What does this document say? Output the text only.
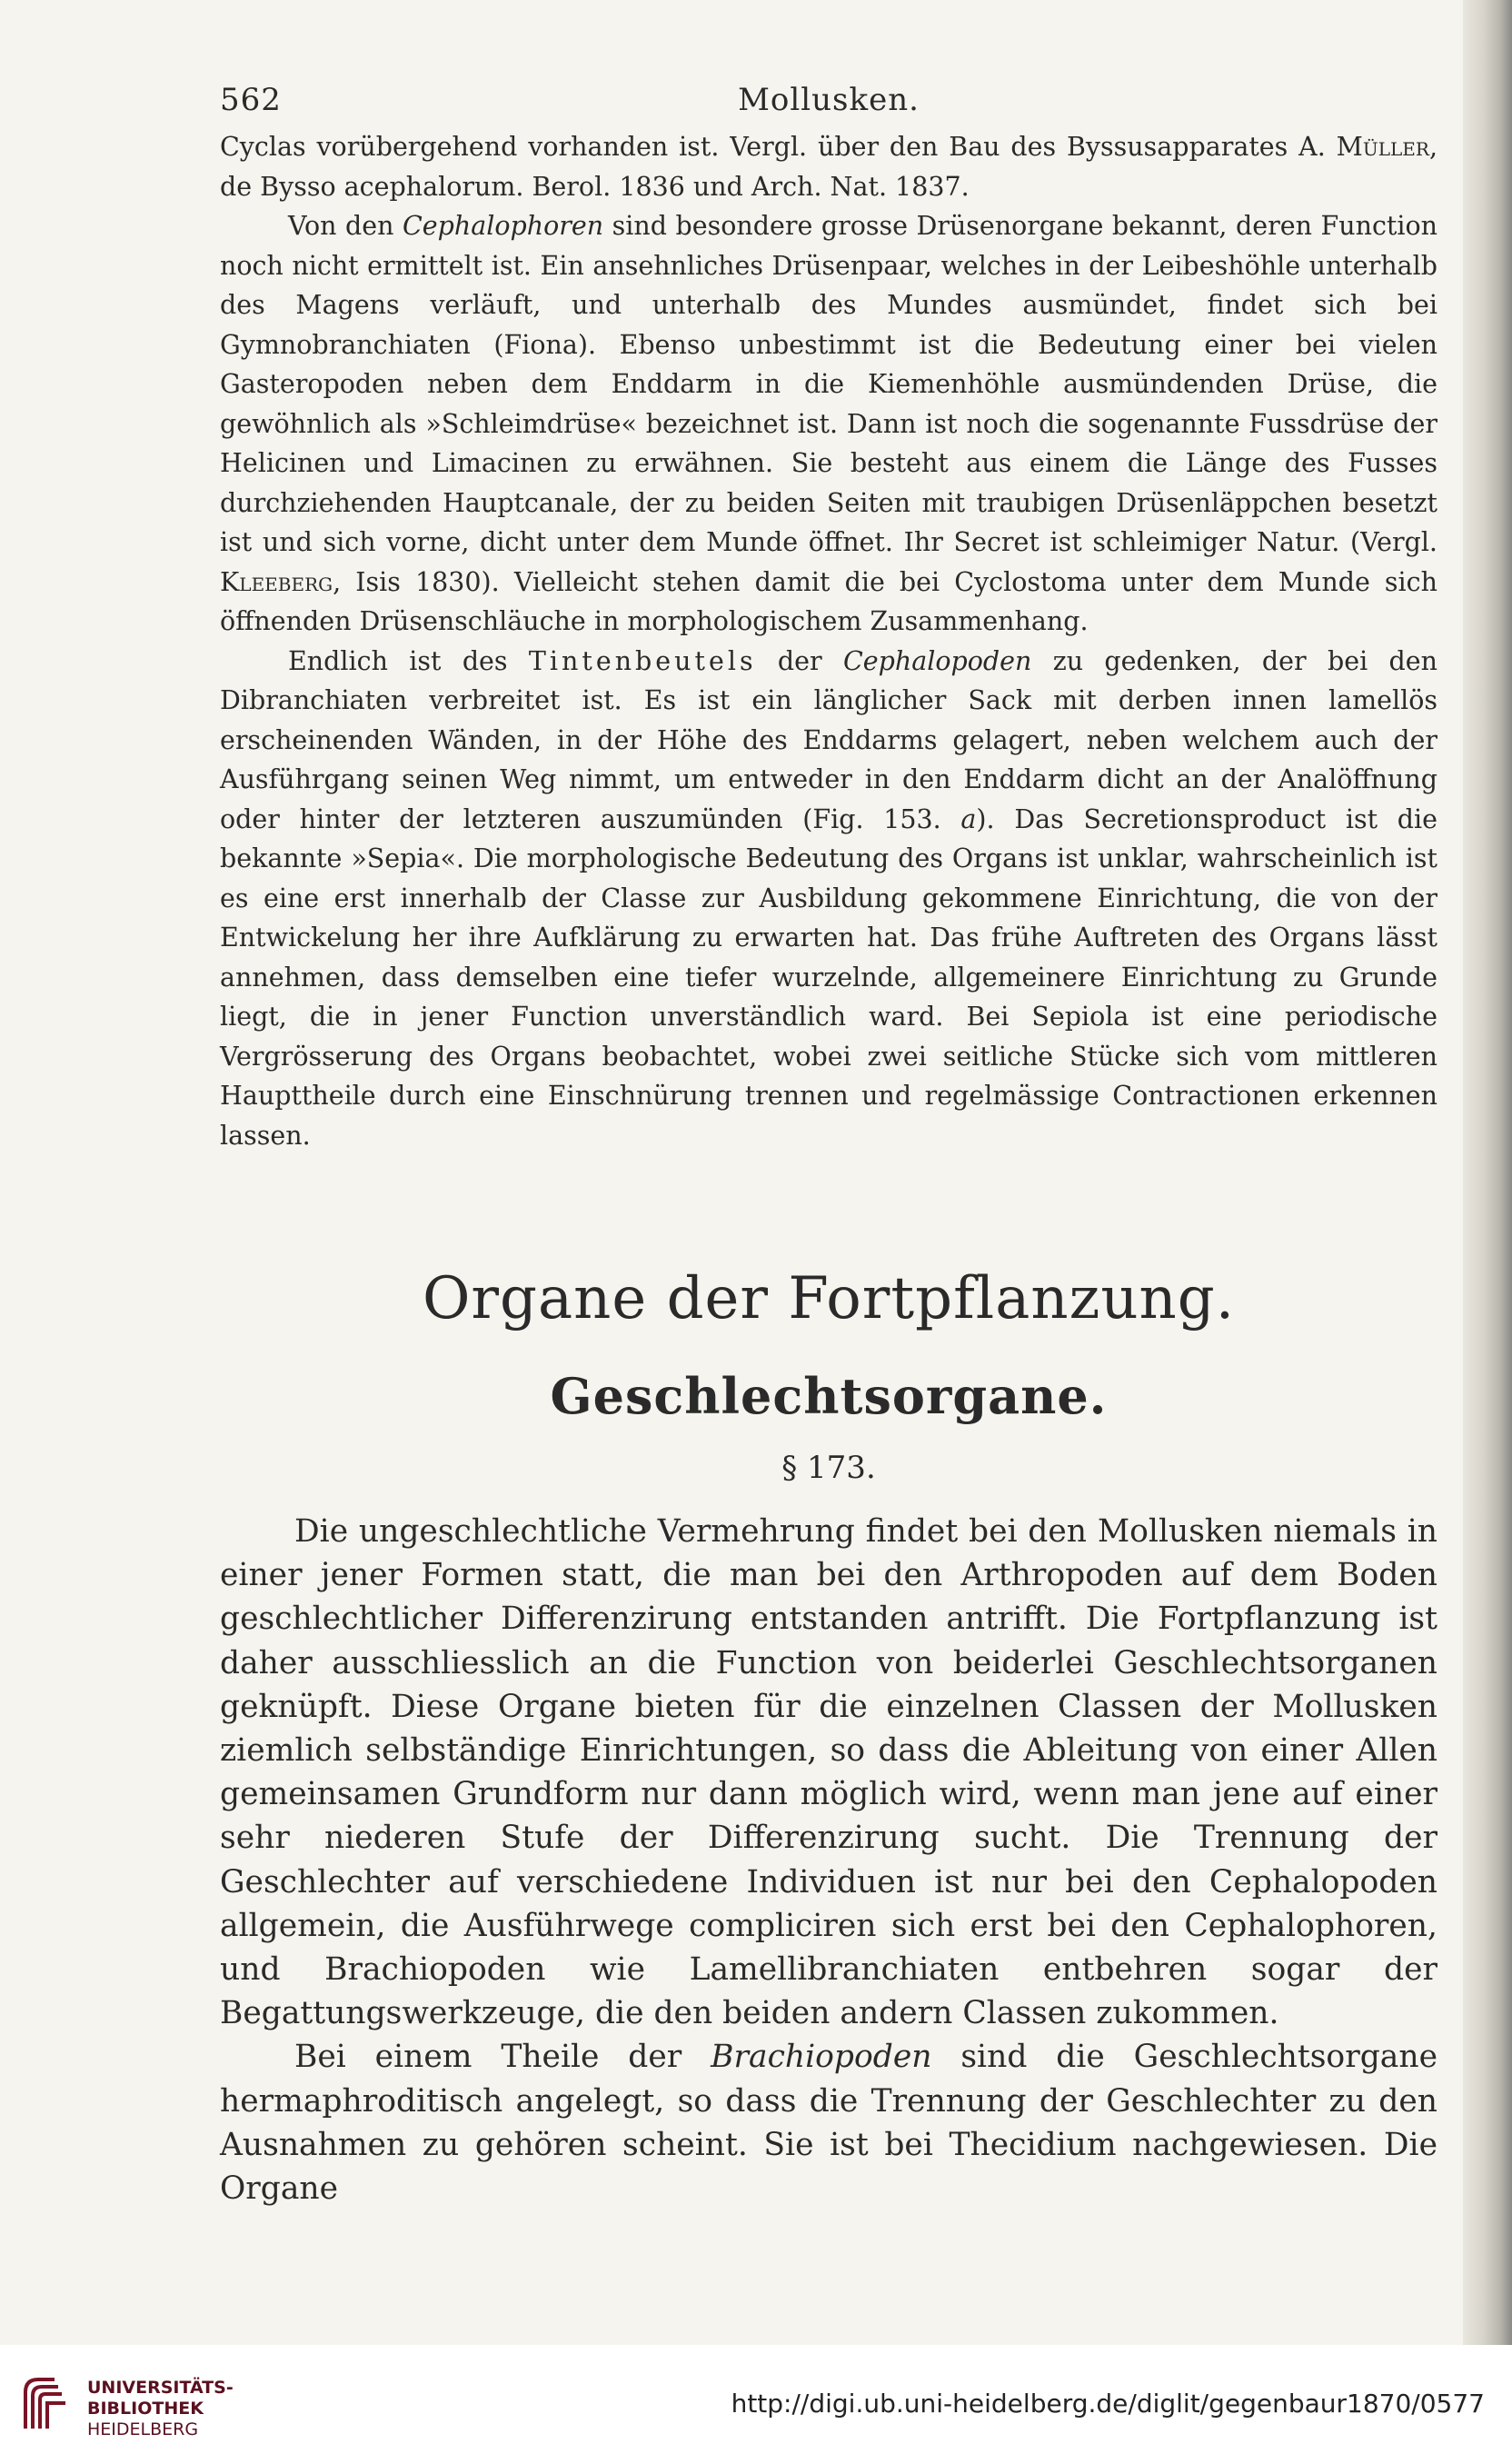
562	Mollusken.

Cyclas vorübergehend vorhanden ist. Vergl. über den Bau des Byssusapparates A. Müller, de Bysso acephalorum. Berol. 1836 und Arch. Nat. 1837.

Von den Cephalophoren sind besondere grosse Drüsenorgane bekannt, deren Function noch nicht ermittelt ist. Ein ansehnliches Drüsenpaar, welches in der Leibeshöhle unterhalb des Magens verläuft, und unterhalb des Mundes ausmündet, findet sich bei Gymnobranchiaten (Fiona). Ebenso unbestimmt ist die Bedeutung einer bei vielen Gasteropoden neben dem Enddarm in die Kiemenhöhle ausmündenden Drüse, die gewöhnlich als »Schleimdrüse« bezeichnet ist. Dann ist noch die sogenannte Fussdrüse der Helicinen und Limacinen zu erwähnen. Sie besteht aus einem die Länge des Fusses durchziehenden Hauptcanale, der zu beiden Seiten mit traubigen Drüsenläppchen besetzt ist und sich vorne, dicht unter dem Munde öffnet. Ihr Secret ist schleimiger Natur. (Vergl. Kleeberg, Isis 1830). Vielleicht stehen damit die bei Cyclostoma unter dem Munde sich öffnenden Drüsenschläuche in morphologischem Zusammenhang.

Endlich ist des Tintenbeutels der Cephalopoden zu gedenken, der bei den Dibranchiaten verbreitet ist. Es ist ein länglicher Sack mit derben innen lamellös erscheinenden Wänden, in der Höhe des Enddarms gelagert, neben welchem auch der Ausführgang seinen Weg nimmt, um entweder in den Enddarm dicht an der Analöffnung oder hinter der letzteren auszumünden (Fig. 153. a). Das Secretionsproduct ist die bekannte »Sepia«. Die morphologische Bedeutung des Organs ist unklar, wahrscheinlich ist es eine erst innerhalb der Classe zur Ausbildung gekommene Einrichtung, die von der Entwickelung her ihre Aufklärung zu erwarten hat. Das frühe Auftreten des Organs lässt annehmen, dass demselben eine tiefer wurzelnde, allgemeinere Einrichtung zu Grunde liegt, die in jener Function unverständlich ward. Bei Sepiola ist eine periodische Vergrösserung des Organs beobachtet, wobei zwei seitliche Stücke sich vom mittleren Haupttheile durch eine Einschnürung trennen und regelmässige Contractionen erkennen lassen.

Organe der Fortpflanzung.
Geschlechtsorgane.
§ 173.

Die ungeschlechtliche Vermehrung findet bei den Mollusken niemals in einer jener Formen statt, die man bei den Arthropoden auf dem Boden geschlechtlicher Differenzirung entstanden antrifft. Die Fortpflanzung ist daher ausschliesslich an die Function von beiderlei Geschlechtsorganen geknüpft. Diese Organe bieten für die einzelnen Classen der Mollusken ziemlich selbständige Einrichtungen, so dass die Ableitung von einer Allen gemeinsamen Grundform nur dann möglich wird, wenn man jene auf einer sehr niederen Stufe der Differenzirung sucht. Die Trennung der Geschlechter auf verschiedene Individuen ist nur bei den Cephalopoden allgemein, die Ausführwege compliciren sich erst bei den Cephalophoren, und Brachiopoden wie Lamellibranchiaten entbehren sogar der Begattungswerkzeuge, die den beiden andern Classen zukommen.

Bei einem Theile der Brachiopoden sind die Geschlechtsorgane hermaphroditisch angelegt, so dass die Trennung der Geschlechter zu den Ausnahmen zu gehören scheint. Sie ist bei Thecidium nachgewiesen. Die Organe

UNIVERSITÄTS-
BIBLIOTHEK
HEIDELBERG
http://digi.ub.uni-heidelberg.de/diglit/gegenbaur1870/0577
